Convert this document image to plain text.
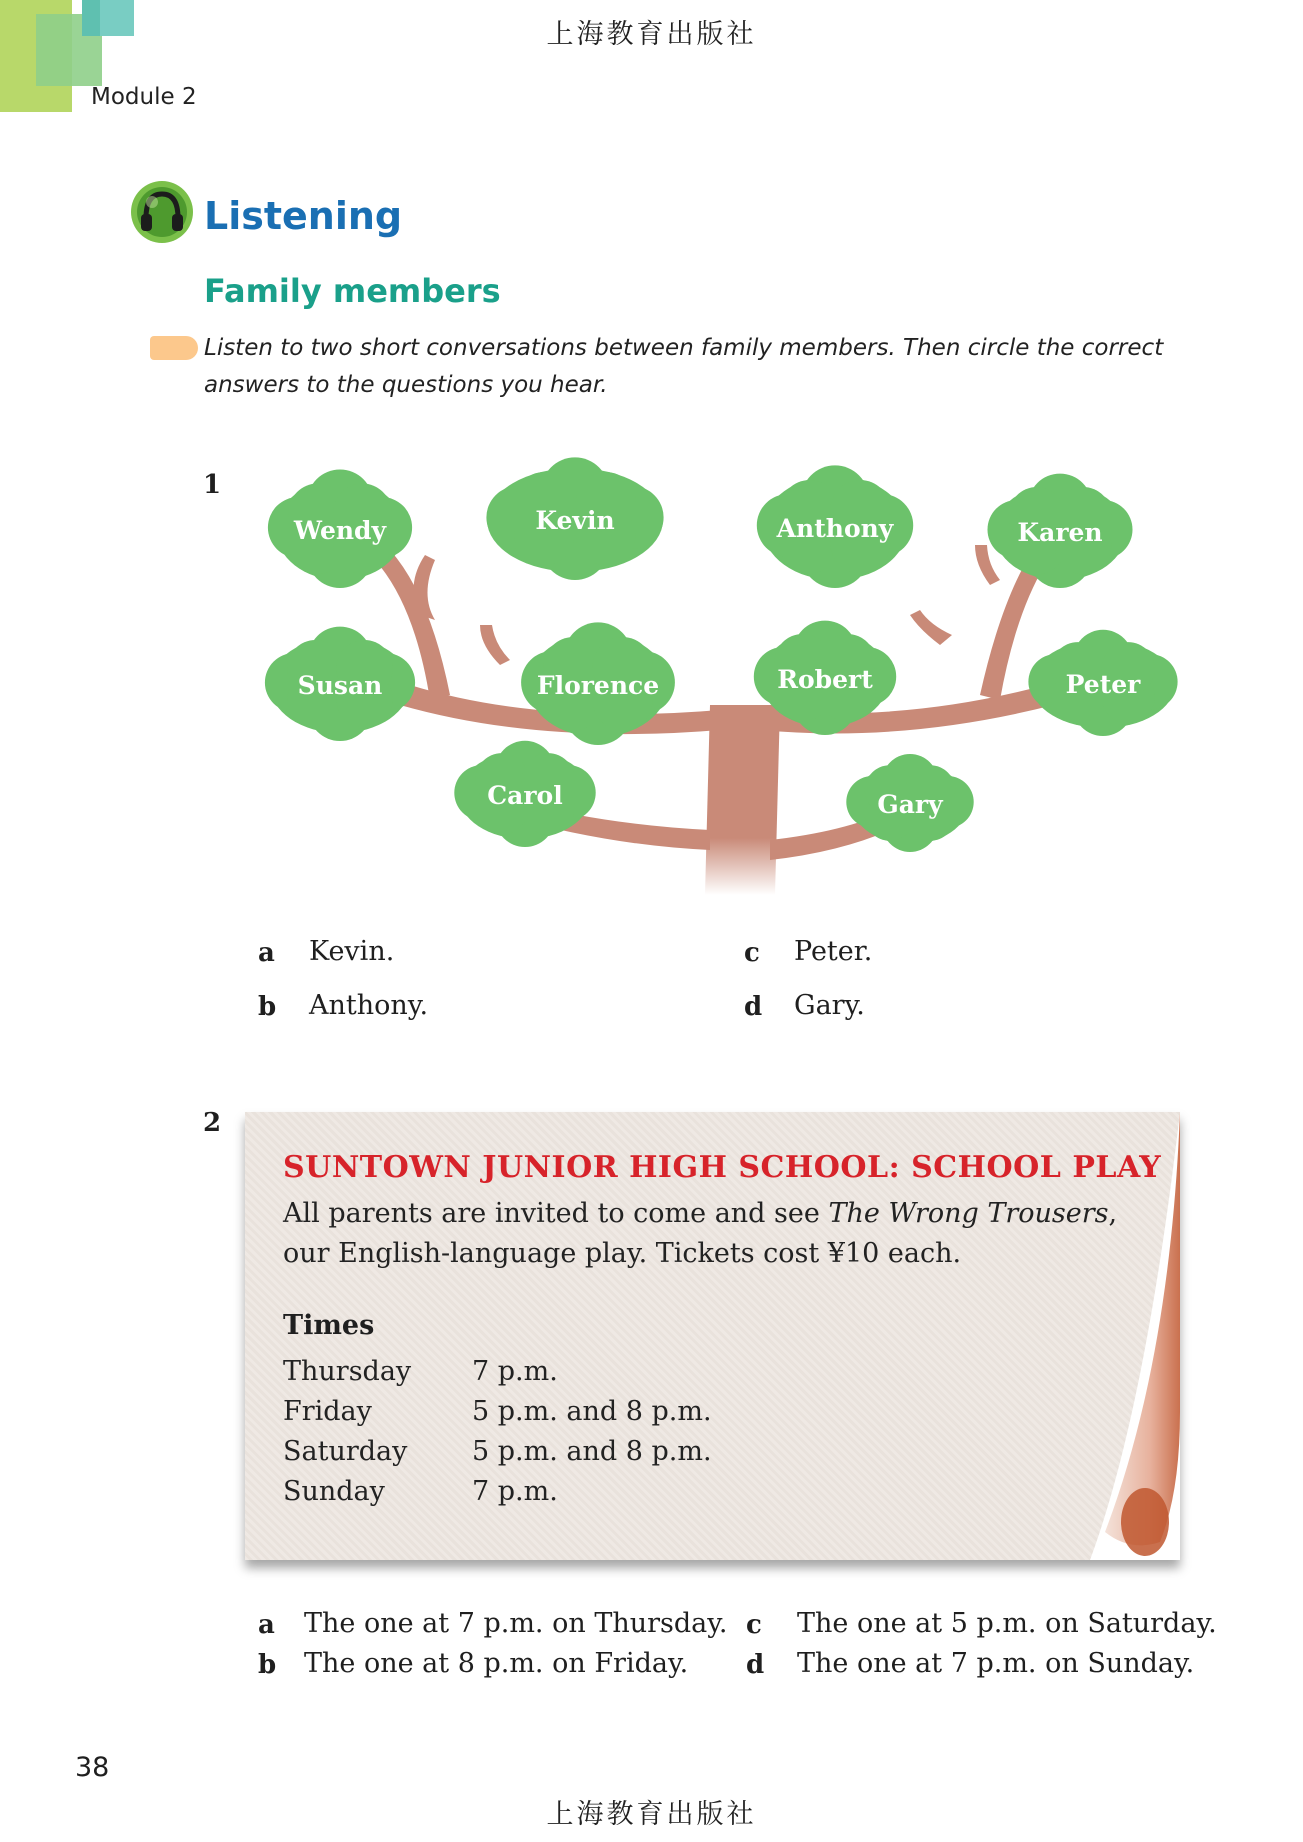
上海教育出版社
Module 2
Listening
Family members
Listen to two short conversations between family members. Then circle the correct answers to the questions you hear.
1
Wendy	Kevin	Anthony	Karen
Susan	Florence	Robert	Peter
Carol	Gary
a Kevin.
b Anthony.
c Peter.
d Gary.
2
SUNTOWN JUNIOR HIGH SCHOOL: SCHOOL PLAY
All parents are invited to come and see The Wrong Trousers, our English-language play. Tickets cost ¥10 each.
Times
Thursday 7 p.m.
Friday	5 p.m. and 8 p.m.
Saturday 5 p.m. and 8 p.m.
Sunday	7 p.m.
a The one at 7 p.m. on Thursday.
b The one at 8 p.m. on Friday.
c The one at 5 p.m. on Saturday.
d The one at 7 p.m. on Sunday.
38
上海教育出版社
